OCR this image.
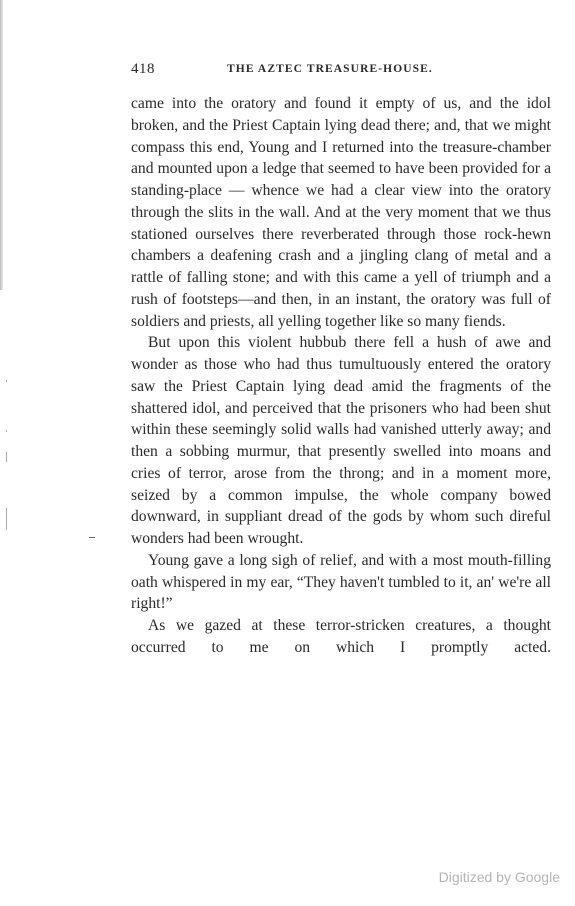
418	THE AZTEC TREASURE-HOUSE.

came into the oratory and found it empty of us, and the idol broken, and the Priest Captain lying dead there; and, that we might compass this end, Young and I returned into the treasure-chamber and mounted upon a ledge that seemed to have been provided for a standing-place — whence we had a clear view into the oratory through the slits in the wall. And at the very moment that we thus stationed ourselves there reverberated through those rock-hewn chambers a deafening crash and a jingling clang of metal and a rattle of falling stone; and with this came a yell of triumph and a rush of footsteps—and then, in an instant, the oratory was full of soldiers and priests, all yelling together like so many fiends.

But upon this violent hubbub there fell a hush of awe and wonder as those who had thus tumultuously entered the oratory saw the Priest Captain lying dead amid the fragments of the shattered idol, and perceived that the prisoners who had been shut within these seemingly solid walls had vanished utterly away; and then a sobbing murmur, that presently swelled into moans and cries of terror, arose from the throng; and in a moment more, seized by a common impulse, the whole company bowed downward, in suppliant dread of the gods by whom such direful wonders had been wrought.

Young gave a long sigh of relief, and with a most mouth-filling oath whispered in my ear, “They haven't tumbled to it, an' we're all right!”

As we gazed at these terror-stricken creatures, a thought occurred to me on which I promptly acted.

Digitized by Google
